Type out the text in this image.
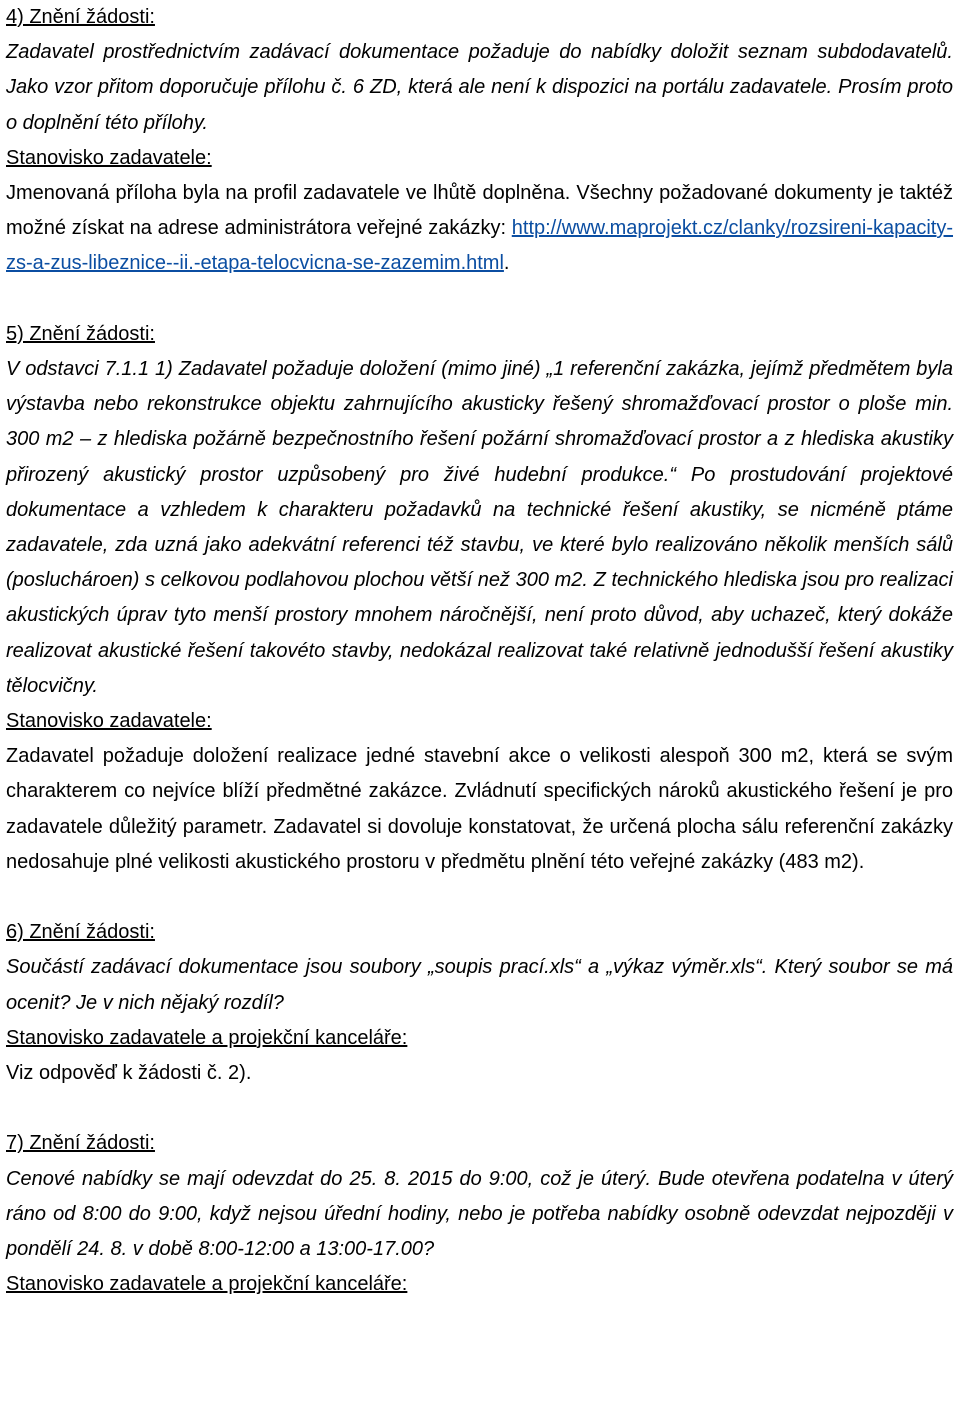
4) Znění žádosti:

Zadavatel prostřednictvím zadávací dokumentace požaduje do nabídky doložit seznam subdodavatelů. Jako vzor přitom doporučuje přílohu č. 6 ZD, která ale není k dispozici na portálu zadavatele. Prosím proto o doplnění této přílohy.

Stanovisko zadavatele:

Jmenovaná příloha byla na profil zadavatele ve lhůtě doplněna. Všechny požadované dokumenty je taktéž možné získat na adrese administrátora veřejné zakázky: http://www.maprojekt.cz/clanky/rozsireni-kapacity-zs-a-zus-libeznice--ii.-etapa-telocvicna-se-zazemim.html.

5) Znění žádosti:

V odstavci 7.1.1 1) Zadavatel požaduje doložení (mimo jiné) „1 referenční zakázka, jejímž předmětem byla výstavba nebo rekonstrukce objektu zahrnujícího akusticky řešený shromažďovací prostor o ploše min. 300 m2 – z hlediska požárně bezpečnostního řešení požární shromažďovací prostor a z hlediska akustiky přirozený akustický prostor uzpůsobený pro živé hudební produkce.“ Po prostudování projektové dokumentace a vzhledem k charakteru požadavků na technické řešení akustiky, se nicméně ptáme zadavatele, zda uzná jako adekvátní referenci též stavbu, ve které bylo realizováno několik menších sálů (posluchároen) s celkovou podlahovou plochou větší než 300 m2. Z technického hlediska jsou pro realizaci akustických úprav tyto menší prostory mnohem náročnější, není proto důvod, aby uchazeč, který dokáže realizovat akustické řešení takovéto stavby, nedokázal realizovat také relativně jednodušší řešení akustiky tělocvičny.

Stanovisko zadavatele:

Zadavatel požaduje doložení realizace jedné stavební akce o velikosti alespoň 300 m2, která se svým charakterem co nejvíce blíží předmětné zakázce. Zvládnutí specifických nároků akustického řešení je pro zadavatele důležitý parametr. Zadavatel si dovoluje konstatovat, že určená plocha sálu referenční zakázky nedosahuje plné velikosti akustického prostoru v předmětu plnění této veřejné zakázky (483 m2).

6) Znění žádosti:

Součástí zadávací dokumentace jsou soubory „soupis prací.xls“ a „výkaz výměr.xls“. Který soubor se má ocenit? Je v nich nějaký rozdíl?

Stanovisko zadavatele a projekční kanceláře:

Viz odpověď k žádosti č. 2).

7) Znění žádosti:

Cenové nabídky se mají odevzdat do 25. 8. 2015 do 9:00, což je úterý. Bude otevřena podatelna v úterý ráno od 8:00 do 9:00, když nejsou úřední hodiny, nebo je potřeba nabídky osobně odevzdat nejpozději v pondělí 24. 8. v době 8:00-12:00 a 13:00-17.00?

Stanovisko zadavatele a projekční kanceláře:
